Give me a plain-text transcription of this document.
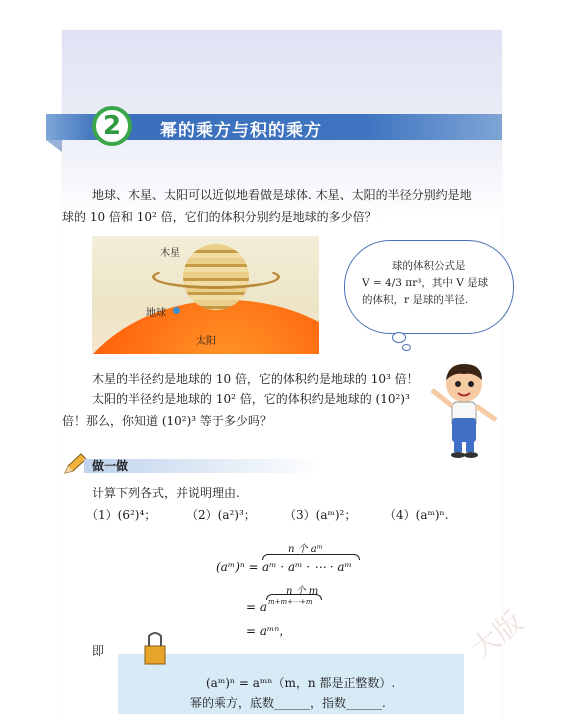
2	幂的乘方与积的乘方
地球、木星、太阳可以近似地看做是球体. 木星、太阳的半径分别约是地
球的 10 倍和 10² 倍，它们的体积分别约是地球的多少倍？
木星
地球
太阳
球的体积公式是
V = 4/3 πr³，其中 V 是球
的体积，r 是球的半径.
木星的半径约是地球的 10 倍，它的体积约是地球的 10³ 倍！
太阳的半径约是地球的 10² 倍，它的体积约是地球的 (10²)³
倍！那么，你知道 (10²)³ 等于多少吗？
做一做
计算下列各式，并说明理由.
（1）(6²)⁴； （2）(a²)³； （3）(aᵐ)²； （4）(aᵐ)ⁿ.
n 个 aᵐ
(aᵐ)ⁿ = aᵐ · aᵐ · ⋯ · aᵐ
n 个 m
= a m+m+⋯+m
= aᵐⁿ，
即
(aᵐ)ⁿ = aᵐⁿ（m，n 都是正整数）.
幂的乘方，底数______，指数______.
大版
